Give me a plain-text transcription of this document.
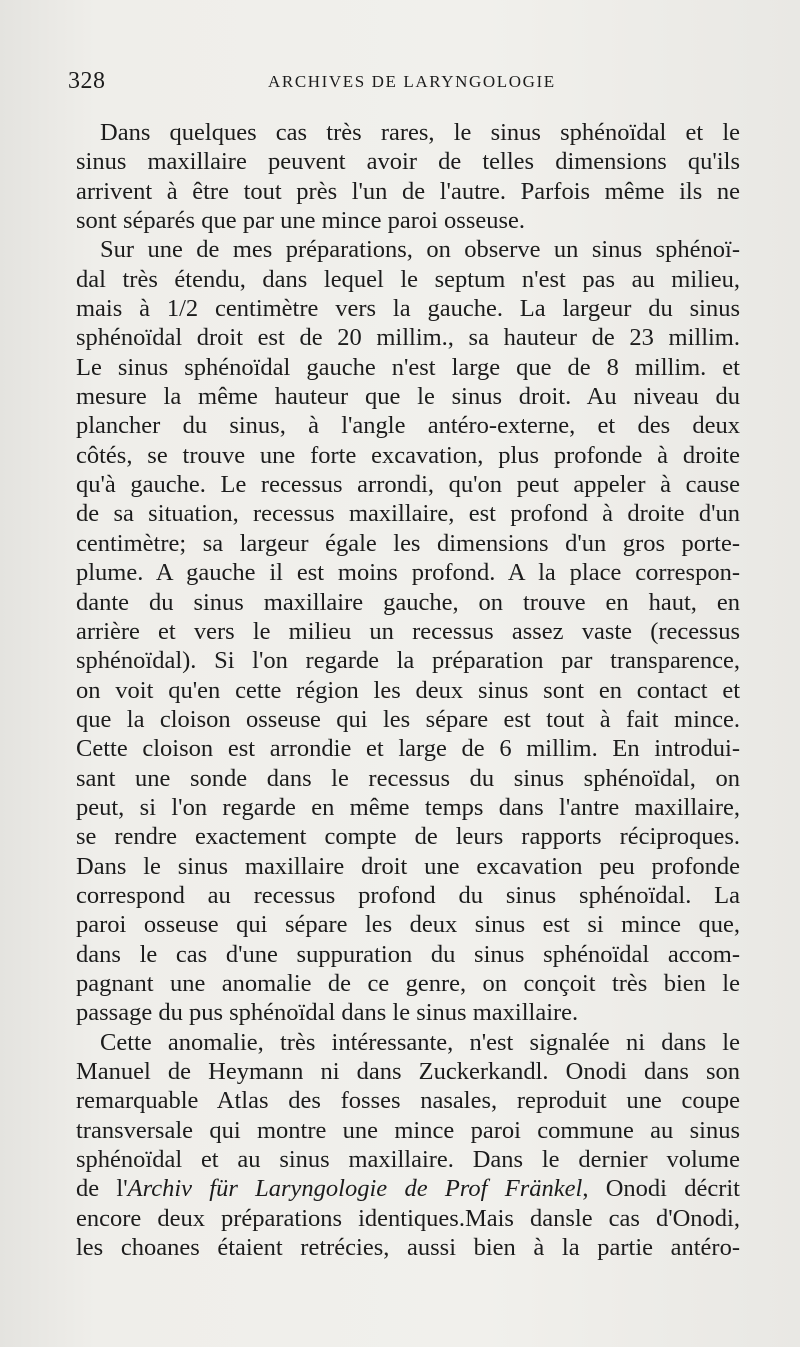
328	ARCHIVES DE LARYNGOLOGIE
Dans quelques cas très rares, le sinus sphénoïdal et le
sinus maxillaire peuvent avoir de telles dimensions qu'ils
arrivent à être tout près l'un de l'autre. Parfois même ils ne
sont séparés que par une mince paroi osseuse.
Sur une de mes préparations, on observe un sinus sphénoï-
dal très étendu, dans lequel le septum n'est pas au milieu,
mais à 1/2 centimètre vers la gauche. La largeur du sinus
sphénoïdal droit est de 20 millim., sa hauteur de 23 millim.
Le sinus sphénoïdal gauche n'est large que de 8 millim. et
mesure la même hauteur que le sinus droit. Au niveau du
plancher du sinus, à l'angle antéro-externe, et des deux
côtés, se trouve une forte excavation, plus profonde à droite
qu'à gauche. Le recessus arrondi, qu'on peut appeler à cause
de sa situation, recessus maxillaire, est profond à droite d'un
centimètre; sa largeur égale les dimensions d'un gros porte-
plume. A gauche il est moins profond. A la place correspon-
dante du sinus maxillaire gauche, on trouve en haut, en
arrière et vers le milieu un recessus assez vaste (recessus
sphénoïdal). Si l'on regarde la préparation par transparence,
on voit qu'en cette région les deux sinus sont en contact et
que la cloison osseuse qui les sépare est tout à fait mince.
Cette cloison est arrondie et large de 6 millim. En introdui-
sant une sonde dans le recessus du sinus sphénoïdal, on
peut, si l'on regarde en même temps dans l'antre maxillaire,
se rendre exactement compte de leurs rapports réciproques.
Dans le sinus maxillaire droit une excavation peu profonde
correspond au recessus profond du sinus sphénoïdal. La
paroi osseuse qui sépare les deux sinus est si mince que,
dans le cas d'une suppuration du sinus sphénoïdal accom-
pagnant une anomalie de ce genre, on conçoit très bien le
passage du pus sphénoïdal dans le sinus maxillaire.
Cette anomalie, très intéressante, n'est signalée ni dans le
Manuel de Heymann ni dans Zuckerkandl. Onodi dans son
remarquable Atlas des fosses nasales, reproduit une coupe
transversale qui montre une mince paroi commune au sinus
sphénoïdal et au sinus maxillaire. Dans le dernier volume
de l'Archiv für Laryngologie de Prof Fränkel, Onodi décrit
encore deux préparations identiques.Mais dansle cas d'Onodi,
les choanes étaient retrécies, aussi bien à la partie antéro-
